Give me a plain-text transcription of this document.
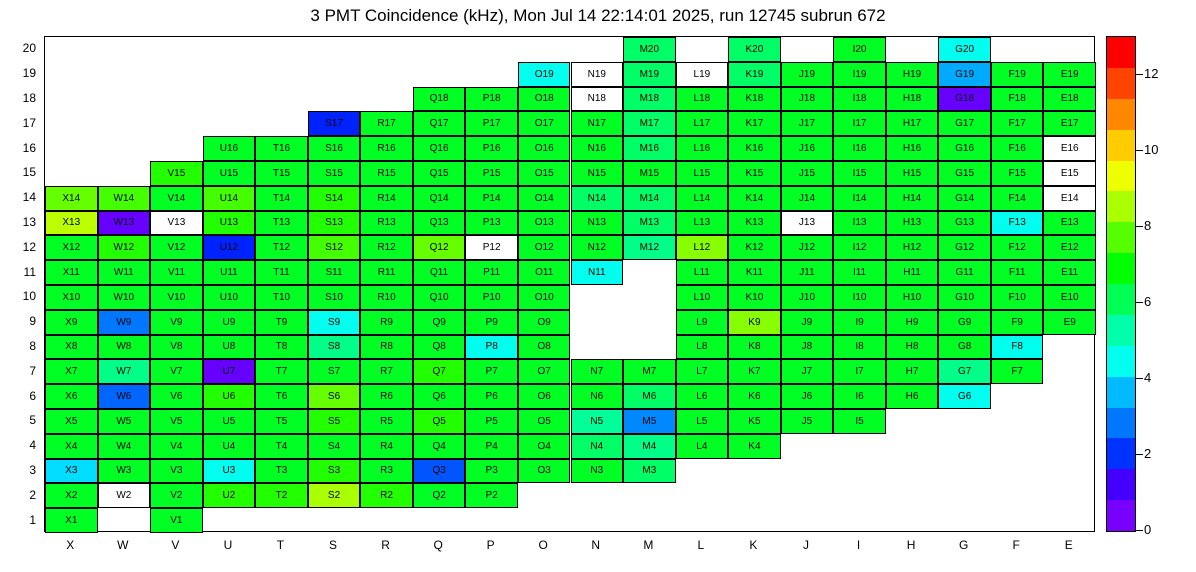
3 PMT Coincidence (kHz), Mon Jul 14 22:14:01 2025, run 12745 subrun 672
X1	V1
X2	W2	V2	U2	T2	S2	R2	Q2	P2
X3	W3	V3	U3	T3	S3	R3	Q3	P3	O3	N3	M3
X4	W4	V4	U4	T4	S4	R4	Q4	P4	O4	N4	M4	L4	K4
X5	W5	V5	U5	T5	S5	R5	Q5	P5	O5	N5	M5	L5	K5	J5	I5
X6	W6	V6	U6	T6	S6	R6	Q6	P6	O6	N6	M6	L6	K6	J6	I6	H6	G6
X7	W7	V7	U7	T7	S7	R7	Q7	P7	O7	N7	M7	L7	K7	J7	I7	H7	G7	F7
X8	W8	V8	U8	T8	S8	R8	Q8	P8	O8	L8	K8	J8	I8	H8	G8	F8
X9	W9	V9	U9	T9	S9	R9	Q9	P9	O9	L9	K9	J9	I9	H9	G9	F9	E9
X10	W10	V10	U10	T10	S10	R10	Q10	P10	O10	L10	K10	J10	I10	H10	G10	F10	E10
X11	W11	V11	U11	T11	S11	R11	Q11	P11	O11	N11	L11	K11	J11	I11	H11	G11	F11	E11
X12	W12	V12	U12	T12	S12	R12	Q12	P12	O12	N12	M12	L12	K12	J12	I12	H12	G12	F12	E12
X13	W13	V13	U13	T13	S13	R13	Q13	P13	O13	N13	M13	L13	K13	J13	I13	H13	G13	F13	E13
X14	W14	V14	U14	T14	S14	R14	Q14	P14	O14	N14	M14	L14	K14	J14	I14	H14	G14	F14	E14
V15	U15	T15	S15	R15	Q15	P15	O15	N15	M15	L15	K15	J15	I15	H15	G15	F15	E15
U16	T16	S16	R16	Q16	P16	O16	N16	M16	L16	K16	J16	I16	H16	G16	F16	E16
S17	R17	Q17	P17	O17	N17	M17	L17	K17	J17	I17	H17	G17	F17	E17
Q18	P18	O18	N18	M18	L18	K18	J18	I18	H18	G18	F18	E18
O19	N19	M19	L19	K19	J19	I19	H19	G19	F19	E19
M20	K20	I20	G20
1
2
3
4
5
6
7
8
9
10
11
12
13
14
15
16
17
18
19
20
X	W	V	U	T	S	R	Q	P	O	N	M	L	K	J	I	H	G	F	E
0
2
4
6
8
10
12
